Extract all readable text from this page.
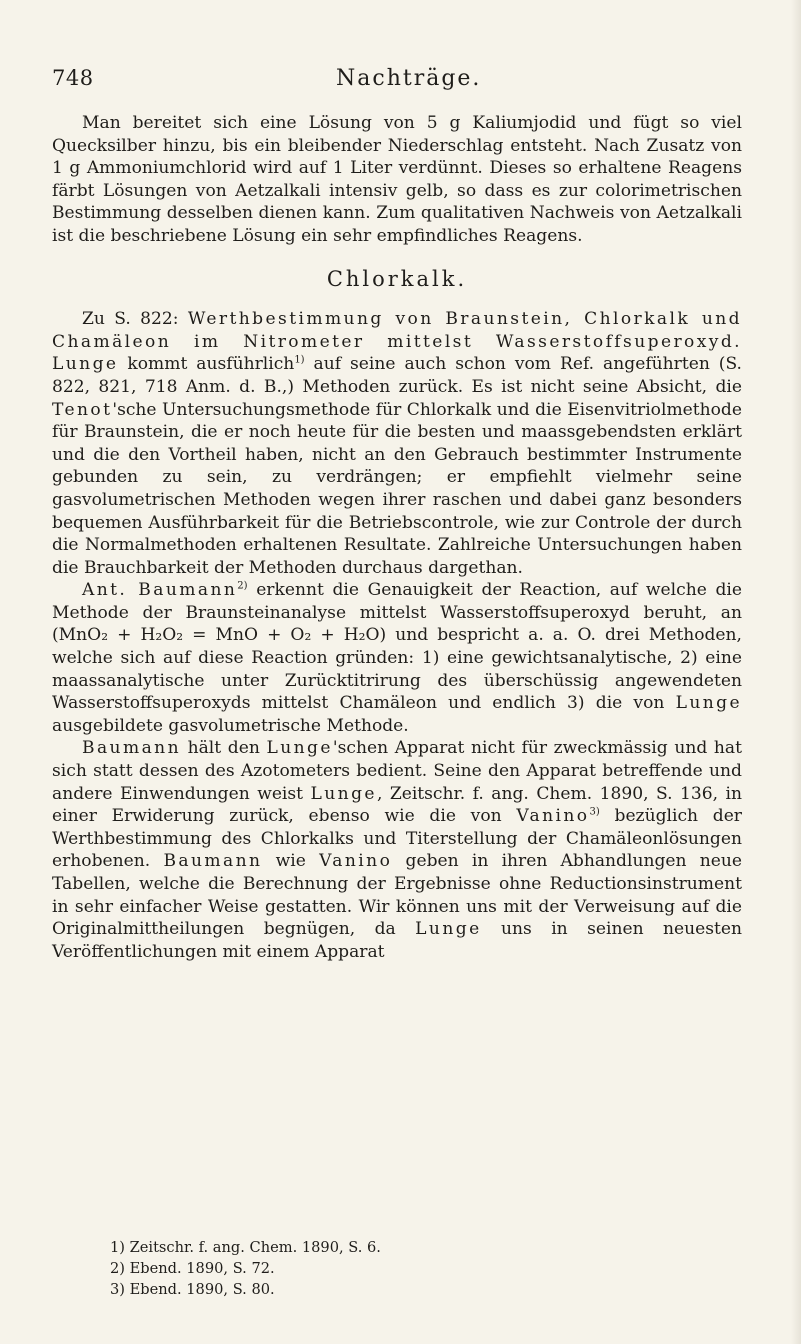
748	Nachträge.

Man bereitet sich eine Lösung von 5 g Kaliumjodid und fügt so viel Quecksilber hinzu, bis ein bleibender Niederschlag entsteht. Nach Zusatz von 1 g Ammoniumchlorid wird auf 1 Liter verdünnt. Dieses so erhaltene Reagens färbt Lösungen von Aetzalkali intensiv gelb, so dass es zur colorimetrischen Bestimmung desselben dienen kann. Zum qualitativen Nachweis von Aetzalkali ist die beschriebene Lösung ein sehr empfindliches Reagens.

Chlorkalk.

Zu S. 822: Werthbestimmung von Braunstein, Chlorkalk und Chamäleon im Nitrometer mittelst Wasserstoffsuperoxyd. Lunge kommt ausführlich$^{1)}$ auf seine auch schon vom Ref. angeführten (S. 822, 821, 718 Anm. d. B.,) Methoden zurück. Es ist nicht seine Absicht, die Tenot'sche Untersuchungsmethode für Chlorkalk und die Eisenvitriolmethode für Braunstein, die er noch heute für die besten und maassgebendsten erklärt und die den Vortheil haben, nicht an den Gebrauch bestimmter Instrumente gebunden zu sein, zu verdrängen; er empfiehlt vielmehr seine gasvolumetrischen Methoden wegen ihrer raschen und dabei ganz besonders bequemen Ausführbarkeit für die Betriebscontrole, wie zur Controle der durch die Normalmethoden erhaltenen Resultate. Zahlreiche Untersuchungen haben die Brauchbarkeit der Methoden durchaus dargethan.

Ant. Baumann$^{2)}$ erkennt die Genauigkeit der Reaction, auf welche die Methode der Braunsteinanalyse mittelst Wasserstoffsuperoxyd beruht, an (MnO₂ + H₂O₂ = MnO + O₂ + H₂O) und bespricht a. a. O. drei Methoden, welche sich auf diese Reaction gründen: 1) eine gewichtsanalytische, 2) eine maassanalytische unter Zurücktitrirung des überschüssig angewendeten Wasserstoffsuperoxyds mittelst Chamäleon und endlich 3) die von Lunge ausgebildete gasvolumetrische Methode.

Baumann hält den Lunge'schen Apparat nicht für zweckmässig und hat sich statt dessen des Azotometers bedient. Seine den Apparat betreffende und andere Einwendungen weist Lunge, Zeitschr. f. ang. Chem. 1890, S. 136, in einer Erwiderung zurück, ebenso wie die von Vanino$^{3)}$ bezüglich der Werthbestimmung des Chlorkalks und Titerstellung der Chamäleonlösungen erhobenen. Baumann wie Vanino geben in ihren Abhandlungen neue Tabellen, welche die Berechnung der Ergebnisse ohne Reductionsinstrument in sehr einfacher Weise gestatten. Wir können uns mit der Verweisung auf die Originalmittheilungen begnügen, da Lunge uns in seinen neuesten Veröffentlichungen mit einem Apparat

1) Zeitschr. f. ang. Chem. 1890, S. 6.

2) Ebend. 1890, S. 72.

3) Ebend. 1890, S. 80.
